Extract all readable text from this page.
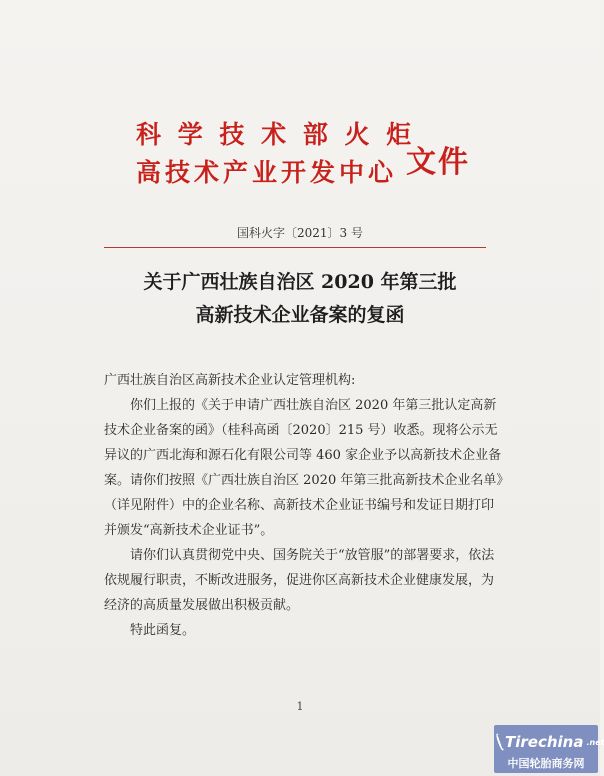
科 学 技 术 部 火 炬
高技术产业开发中心 文件
国科火字〔2021〕3 号
关于广西壮族自治区 2020 年第三批
高新技术企业备案的复函

广西壮族自治区高新技术企业认定管理机构:

你们上报的《关于申请广西壮族自治区 2020 年第三批认定高新技术企业备案的函》（桂科高函〔2020〕215 号）收悉。现将公示无异议的广西北海和源石化有限公司等 460 家企业予以高新技术企业备案。请你们按照《广西壮族自治区 2020 年第三批高新技术企业名单》（详见附件）中的企业名称、高新技术企业证书编号和发证日期打印并颁发“高新技术企业证书”。

请你们认真贯彻党中央、国务院关于“放管服”的部署要求，依法依规履行职责，不断改进服务，促进你区高新技术企业健康发展，为经济的高质量发展做出积极贡献。

特此函复。

1
Tirechina .net
中国轮胎商务网
